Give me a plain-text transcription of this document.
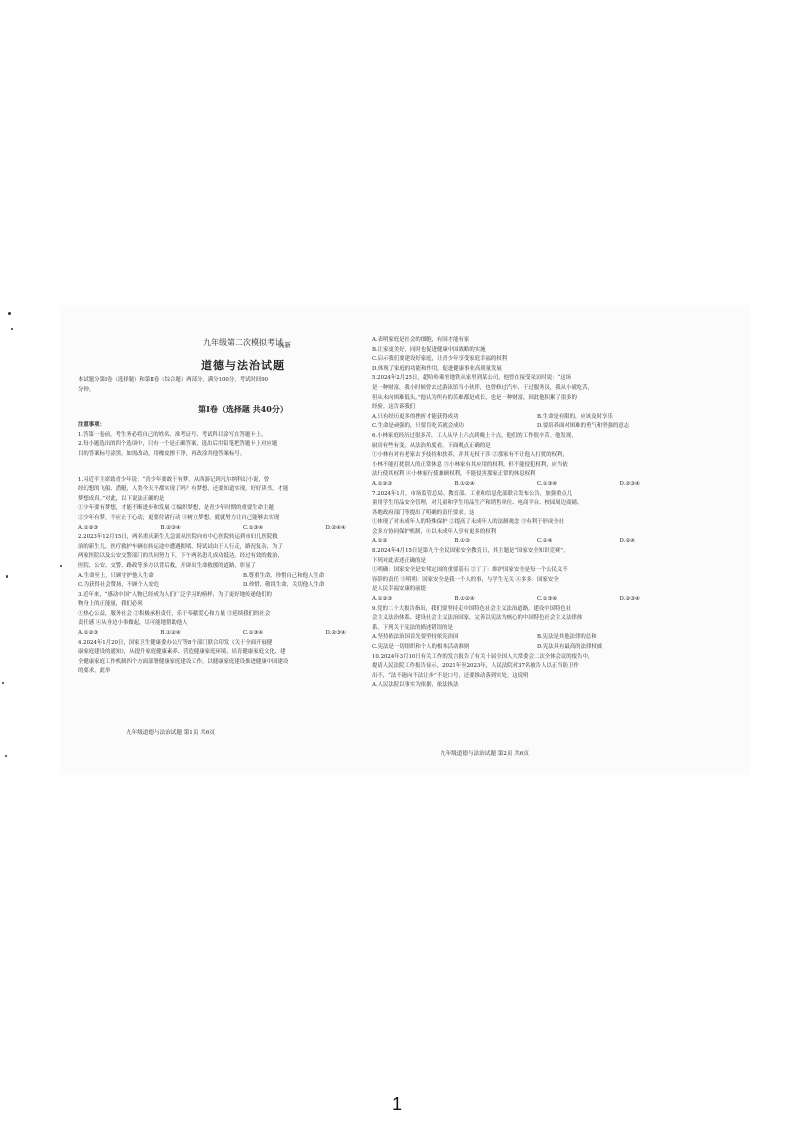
九年级第二次模拟考试
高新
道德与法治试题
本试题分第Ⅰ卷（选择题）和第Ⅱ卷（综合题）两部分，满分100分。考试时间90
分钟。
第Ⅰ卷（选择题 共40分）
注意事项：
1.答第一卷前，考生务必将自己的姓名、准考证号、考试科目涂写在答题卡上。
2.每小题选出的四个选项中，只有一个是正确答案，选出后用铅笔把答题卡上对应题
目的答案标号涂黑。如需改动，用橡皮擦干净，再改涂其他答案标号。
1.习近平主席致青少年说：“青少年要敢于有梦。从西游记到凡尔纳科幻小说，曾
经幻想的飞船、潜艇，人类今天不都实现了吗？有梦想，还要知道实现，好好读书，才能
梦想成真。”对此，以下说法正确的是
①少年要有梦想，才能不断进步和发展 ②编织梦想，是青少年时期的重要生命主题
②少年有梦，不应止于心动，更要付诸行动 ④树立梦想，就就努力让自己能够去实现
A.①②③	B.②③④	C.①③④	D.②④④
2.2023年12月15日，两名重庆新生儿急需从医院向市中心医院转运到市妇儿医院救
治的新生儿。医疗救护车辆在转运途中遭遇拥堵，特试试由于人行走，路况复杂，为了
两家医院以及公安交警部门的共同努力下，下午两名患儿成功抵达。经过有效的救治，
医院、公安、交警、路政等多方以背后救，开辟出生命救援的道路，彰显了
A.生命至上，只顾守护他人生命	B.尊重生命，珍惜自己和他人生命
C.为获得社会赞扬，不顾个人安危	D.珍惜、敬畏生命，关切他人生命
3.近年来，“感动中国”人物已经成为人们广泛学习的榜样，为了更好地传递他们的
物身上的正能量，我们必须
①热心公益，服务社会 ②积极承担责任，乐于奉献爱心和力量 ③延续我们的社会
责任感 ④从身边小事做起，尽可能地帮助他人
A.①②③	B.①②④	C.①③④	D.②③④
4.2024年1月20日，国家卫生健康委办公厅等8个部门联合印发《关于全面开展健
康家庭建设的通知》，从提升家庭健康素养、营造健康家庭环境、培育健康家庭文化、建
全健康家庭工作机制四个方面部署健康家庭建设工作，以健康家庭建设推进健康中国建设
的要求。此举
九年级道德与法治试题 第1页 共6页
A.表明家庭是社会的细胞，有国才能有家
B.让家更美好，同时也促进健康中国战略的实施
C.启示我们要建设好家庭，让青少年享受家庭幸福的权利
D.体现了家庭的功能和作用，促进健康事业高质量发展
5.2024年2月25日，超哈哈乘坐地铁从家里到某公司，他曾在接受采访时说：“这场
是一种财富，我小时候曾去过游泳馆当小伙伴，也曾修过汽车、干过服务员，我从小就吃苦，
但从未向困难低头。”他认为所有的苦难都是成长，也是一种财富，因此他积累了很多的
经验。这告诉我们
A.只有经历更多的挫折才能获得成功	B.生命是有限的，应该及时享乐
C.生命是顽强的，只要肯吃苦就会成功	D.要培养面对困难的勇气和坚强的意志
6.小林家庭经历过很多苦，工人从早上六点到晚上十点，他们的工作很辛苦。他发现，
厨房有些有变。从法治角度看，下面观点正确的是
①小林有对有老家去予技持和扶养，并其无权干涉 ②那家有不让他人打扰的权利，
小林不能打扰别人的正常休息 ③小林家有其应用的权利，但不能侵犯权利，应当依
法行使其权利 ④小林家行使兼顾权利，不能侵害那家正常的休息权利
A.①②③	B.①②④	C.①③④	D.②③④
7.2024年1月，市场监管总局、教育部、工业和信息化部联合发布公告，加强重点儿
童用学生用品安全管理，对儿童和学生用品生产和销售单位、电商平台、校园周边商铺、
各地政府部门等提出了明确的责任要求。这
①体现了对未成年人的特殊保护 ②提高了未成年人的法制观念 ③有利于形成全社
会多方协同保护机制，④以未成年人享有更多的权利
A.①②	B.①③	C.①④	D.②④
8.2024年4月15日是第九个全民国家安全教育日，其主题是“国家安全知识竞赛”。
下列对此表述正确的是
①明确：国家安全是安邦定国的重要基石 ②丁丁：维护国家安全是每一个公民义不
容辞的责任 ③明明：国家安全是我一个人的事，与学生无关 ④多多：国家安全
是人民幸福安康的前提
A.①②③	B.①②④	C.①③④	D.②③④
9.党的二十大报告指出，我们要坚持走中国特色社会主义法治道路，建设中国特色社
会主义法治体系、建设社会主义法治国家，完善以宪法为核心的中国特色社会主义法律体
系。下列关于宪法的描述错误的是
A.坚持依法治国首先要坚持依宪治国	B.宪法是其他法律的总和
C.宪法是一切组织和个人的根本活动准则	D.宪法具有最高的法律权威
10.2024年3月10日有关工作的发言报告了有关十届全国人大常委会二次全体会议的报告中，
提请人民法院工作报告显示，2021年至2023年，人民法院对37名被告人以正当防卫作
出不，“法不能向不法让步”不是口号，还要推动落到实处。这说明
A.人民法院以事实为依据，依法执法
九年级道德与法治试题 第2页 共6页
1
